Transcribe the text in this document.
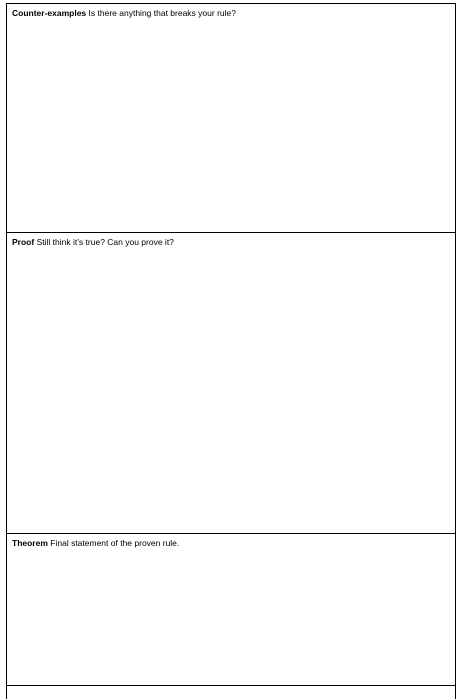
Counter-examples Is there anything that breaks your rule?
Proof Still think it’s true? Can you prove it?
Theorem Final statement of the proven rule.
